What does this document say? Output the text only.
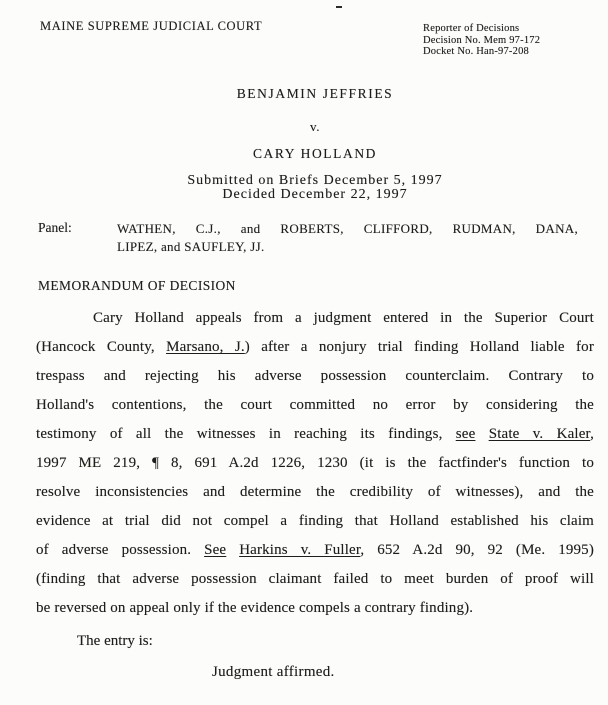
MAINE SUPREME JUDICIAL COURT	Reporter of Decisions
Decision No. Mem 97-172
Docket No. Han-97-208
BENJAMIN JEFFRIES
v.
CARY HOLLAND
Submitted on Briefs December 5, 1997
Decided December 22, 1997
Panel:	WATHEN, C.J., and ROBERTS, CLIFFORD, RUDMAN, DANA,
LIPEZ, and SAUFLEY, JJ.
MEMORANDUM OF DECISION
Cary Holland appeals from a judgment entered in the Superior Court
(Hancock County, Marsano, J.) after a nonjury trial finding Holland liable for
trespass and rejecting his adverse possession counterclaim. Contrary to
Holland's contentions, the court committed no error by considering the
testimony of all the witnesses in reaching its findings, see State v. Kaler,
1997 ME 219, ¶ 8, 691 A.2d 1226, 1230 (it is the factfinder's function to
resolve inconsistencies and determine the credibility of witnesses), and the
evidence at trial did not compel a finding that Holland established his claim
of adverse possession. See Harkins v. Fuller, 652 A.2d 90, 92 (Me. 1995)
(finding that adverse possession claimant failed to meet burden of proof will
be reversed on appeal only if the evidence compels a contrary finding).
The entry is:
Judgment affirmed.
